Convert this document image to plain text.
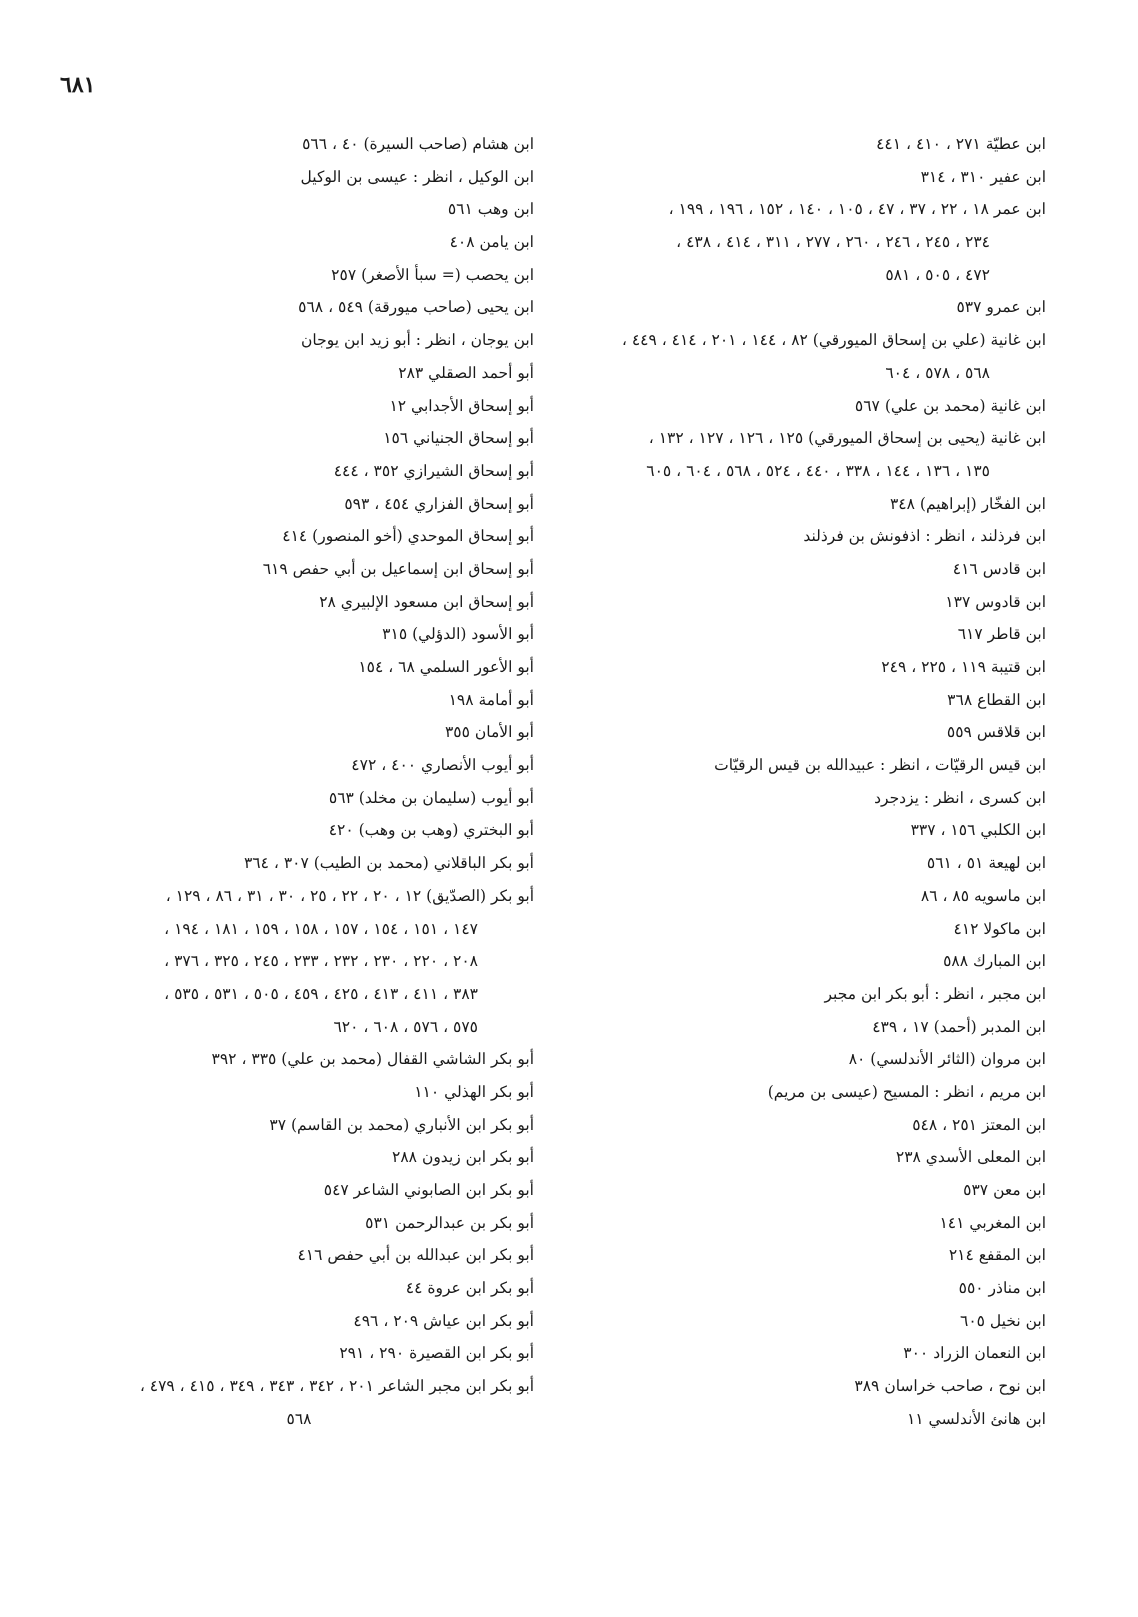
٦٨١
ابن عطيّة ٢٧١ ، ٤١٠ ، ٤٤١
ابن عفير ٣١٠ ، ٣١٤
ابن عمر ١٨ ، ٢٢ ، ٣٧ ، ٤٧ ، ١٠٥ ، ١٤٠ ، ١٥٢ ، ١٩٦ ، ١٩٩ ،
٢٣٤ ، ٢٤٥ ، ٢٤٦ ، ٢٦٠ ، ٢٧٧ ، ٣١١ ، ٤١٤ ، ٤٣٨ ،
٤٧٢ ، ٥٠٥ ، ٥٨١
ابن عمرو ٥٣٧
ابن غانية (علي بن إسحاق الميورقي) ٨٢ ، ١٤٤ ، ٢٠١ ، ٤١٤ ، ٤٤٩ ،
٥٦٨ ، ٥٧٨ ، ٦٠٤
ابن غانية (محمد بن علي) ٥٦٧
ابن غانية (يحيى بن إسحاق الميورقي) ١٢٥ ، ١٢٦ ، ١٢٧ ، ١٣٢ ،
١٣٥ ، ١٣٦ ، ١٤٤ ، ٣٣٨ ، ٤٤٠ ، ٥٢٤ ، ٥٦٨ ، ٦٠٤ ، ٦٠٥
ابن الفخّار (إبراهيم) ٣٤٨
ابن فرذلند ، انظر : اذفونش بن فرذلند
ابن قادس ٤١٦
ابن قادوس ١٣٧
ابن قاطر ٦١٧
ابن قتيبة ١١٩ ، ٢٢٥ ، ٢٤٩
ابن القطاع ٣٦٨
ابن قلاقس ٥٥٩
ابن قيس الرقيّات ، انظر : عبيدالله بن قيس الرقيّات
ابن كسرى ، انظر : يزدجرد
ابن الكلبي ١٥٦ ، ٣٣٧
ابن لهيعة ٥١ ، ٥٦١
ابن ماسويه ٨٥ ، ٨٦
ابن ماكولا ٤١٢
ابن المبارك ٥٨٨
ابن مجبر ، انظر : أبو بكر ابن مجبر
ابن المدبر (أحمد) ١٧ ، ٤٣٩
ابن مروان (الثائر الأندلسي) ٨٠
ابن مريم ، انظر : المسيح (عيسى بن مريم)
ابن المعتز ٢٥١ ، ٥٤٨
ابن المعلى الأسدي ٢٣٨
ابن معن ٥٣٧
ابن المغربي ١٤١
ابن المقفع ٢١٤
ابن مناذر ٥٥٠
ابن نخيل ٦٠٥
ابن النعمان الزراد ٣٠٠
ابن نوح ، صاحب خراسان ٣٨٩
ابن هانئ الأندلسي ١١
ابن هشام (صاحب السيرة) ٤٠ ، ٥٦٦
ابن الوكيل ، انظر : عيسى بن الوكيل
ابن وهب ٥٦١
ابن يامن ٤٠٨
ابن يحصب (= سبأ الأصغر) ٢٥٧
ابن يحيى (صاحب ميورقة) ٥٤٩ ، ٥٦٨
ابن يوجان ، انظر : أبو زيد ابن يوجان
أبو أحمد الصقلي ٢٨٣
أبو إسحاق الأجدابي ١٢
أبو إسحاق الجنياني ١٥٦
أبو إسحاق الشيرازي ٣٥٢ ، ٤٤٤
أبو إسحاق الفزاري ٤٥٤ ، ٥٩٣
أبو إسحاق الموحدي (أخو المنصور) ٤١٤
أبو إسحاق ابن إسماعيل بن أبي حفص ٦١٩
أبو إسحاق ابن مسعود الإلبيري ٢٨
أبو الأسود (الدؤلي) ٣١٥
أبو الأعور السلمي ٦٨ ، ١٥٤
أبو أمامة ١٩٨
أبو الأمان ٣٥٥
أبو أيوب الأنصاري ٤٠٠ ، ٤٧٢
أبو أيوب (سليمان بن مخلد) ٥٦٣
أبو البختري (وهب بن وهب) ٤٢٠
أبو بكر الباقلاني (محمد بن الطيب) ٣٠٧ ، ٣٦٤
أبو بكر (الصدّيق) ١٢ ، ٢٠ ، ٢٢ ، ٢٥ ، ٣٠ ، ٣١ ، ٨٦ ، ١٢٩ ،
١٤٧ ، ١٥١ ، ١٥٤ ، ١٥٧ ، ١٥٨ ، ١٥٩ ، ١٨١ ، ١٩٤ ،
٢٠٨ ، ٢٢٠ ، ٢٣٠ ، ٢٣٢ ، ٢٣٣ ، ٢٤٥ ، ٣٢٥ ، ٣٧٦ ،
٣٨٣ ، ٤١١ ، ٤١٣ ، ٤٢٥ ، ٤٥٩ ، ٥٠٥ ، ٥٣١ ، ٥٣٥ ،
٥٧٥ ، ٥٧٦ ، ٦٠٨ ، ٦٢٠
أبو بكر الشاشي القفال (محمد بن علي) ٣٣٥ ، ٣٩٢
أبو بكر الهذلي ١١٠
أبو بكر ابن الأنباري (محمد بن القاسم) ٣٧
أبو بكر ابن زيدون ٢٨٨
أبو بكر ابن الصابوني الشاعر ٥٤٧
أبو بكر بن عبدالرحمن ٥٣١
أبو بكر ابن عبدالله بن أبي حفص ٤١٦
أبو بكر ابن عروة ٤٤
أبو بكر ابن عياش ٢٠٩ ، ٤٩٦
أبو بكر ابن القصيرة ٢٩٠ ، ٢٩١
أبو بكر ابن مجبر الشاعر ٢٠١ ، ٣٤٢ ، ٣٤٣ ، ٣٤٩ ، ٤١٥ ، ٤٧٩ ،
٥٦٨
